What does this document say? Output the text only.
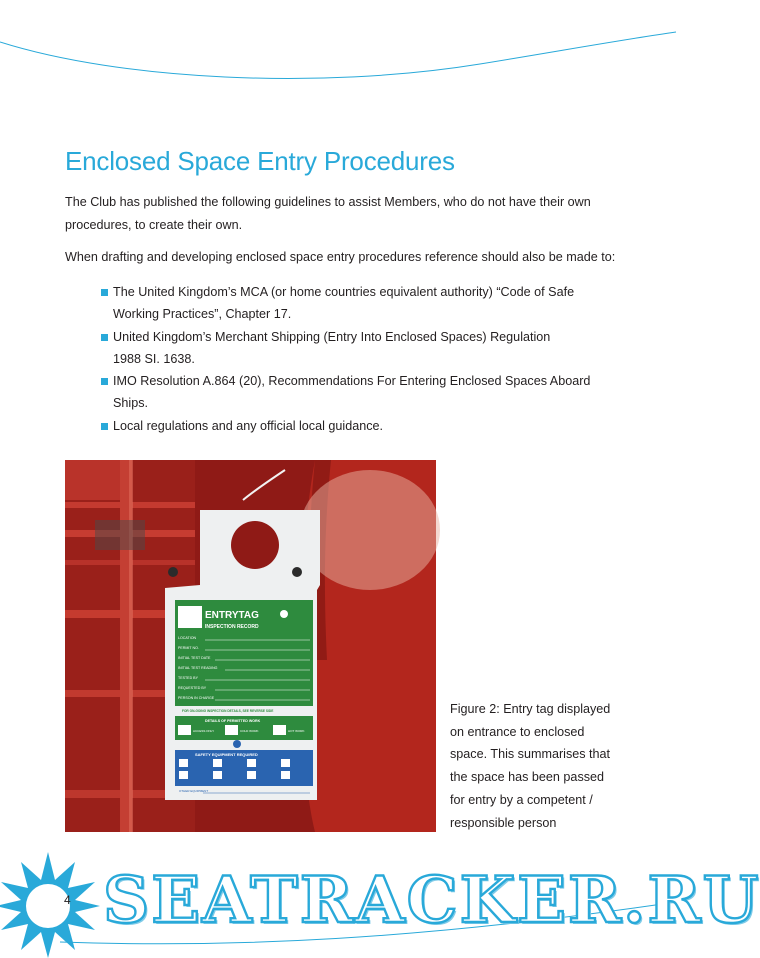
Enclosed Space Entry Procedures

The Club has published the following guidelines to assist Members, who do not have their own procedures, to create their own.

When drafting and developing enclosed space entry procedures reference should also be made to:

The United Kingdom’s MCA (or home countries equivalent authority) “Code of Safe
Working Practices”, Chapter 17.
United Kingdom’s Merchant Shipping (Entry Into Enclosed Spaces) Regulation
1988 SI. 1638.
IMO Resolution A.864 (20), Recommendations For Entering Enclosed Spaces Aboard
Ships.
Local regulations and any official local guidance.
ENTRYTAG
INSPECTION RECORD
LOCATION
PERMIT NO.
INITIAL TEST DATE
INITIAL TEST READING
TESTED BY
REQUESTED BY
PERSON IN CHARGE
FOR ON-GOING INSPECTION DETAILS, SEE REVERSE SIDE
DETAILS OF PERMITTED WORK
ACCESS ONLY	COLD WORK	HOT WORK
SAFETY EQUIPMENT REQUIRED
OTHER EQUIPMENT

Figure 2: Entry tag displayed
on entrance to enclosed
space. This summarises that
the space has been passed
for entry by a competent /
responsible person

4 SEATRACKER.RU
